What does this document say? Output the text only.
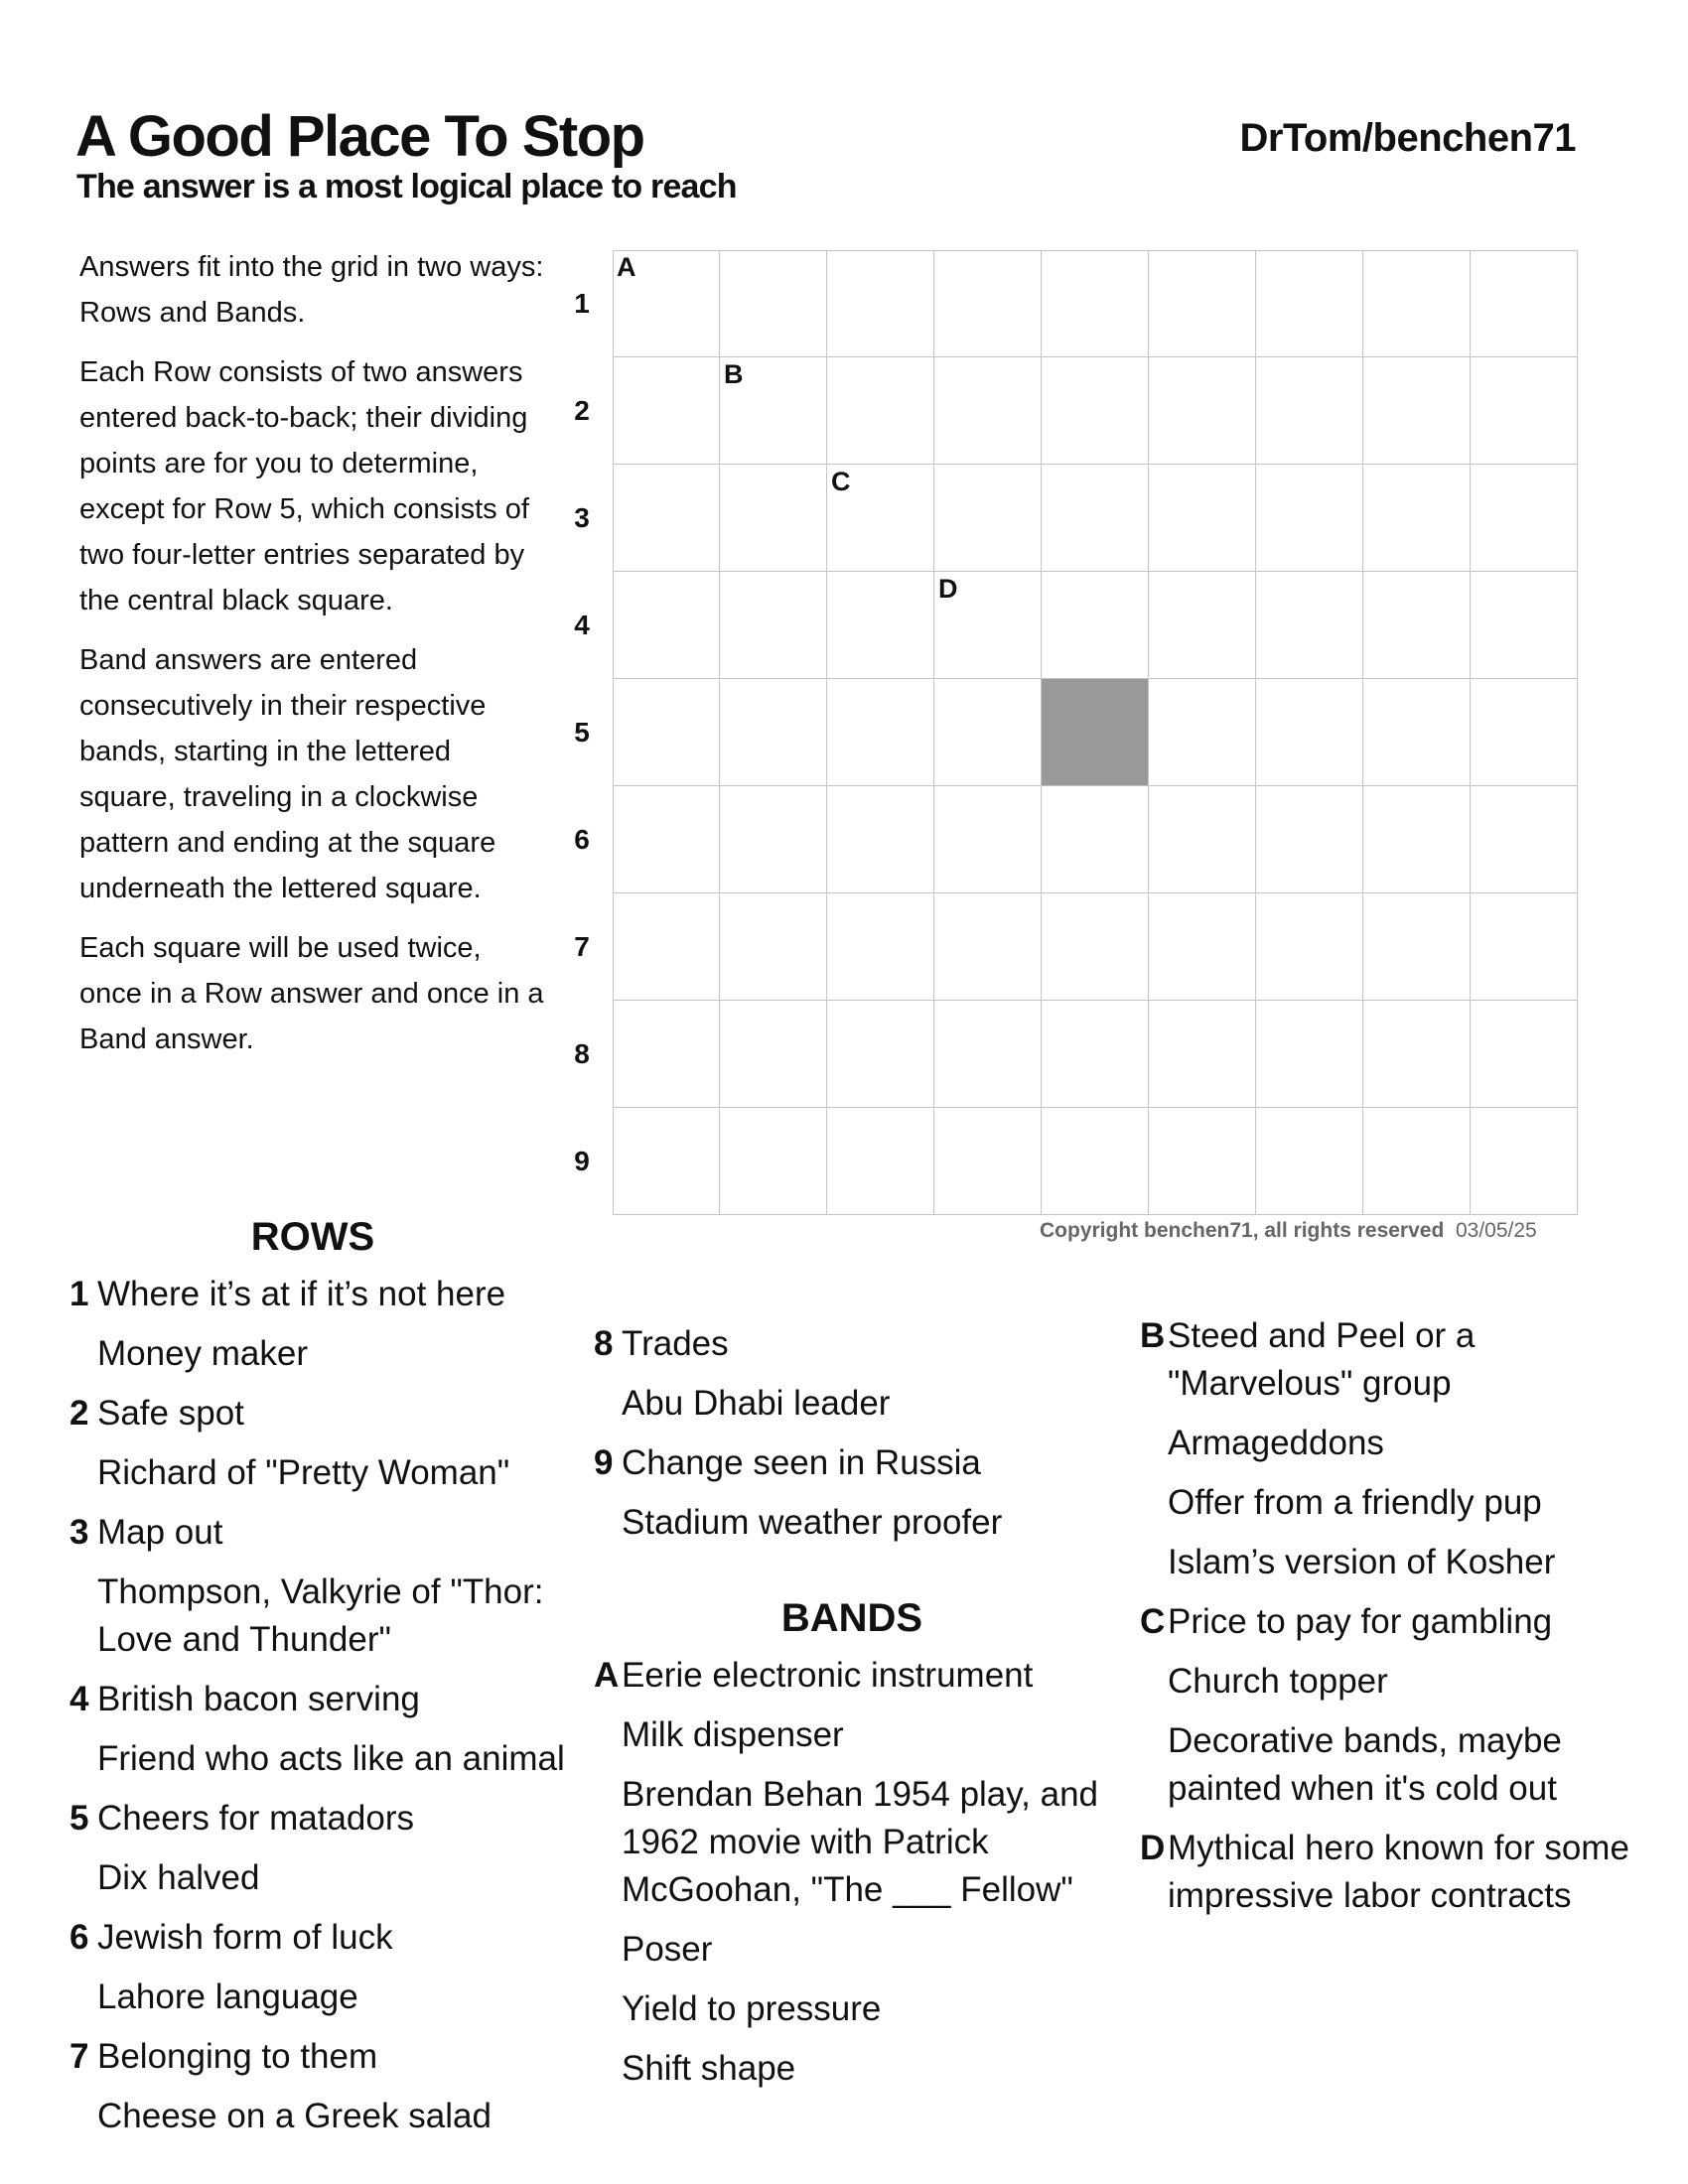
A Good Place To Stop
The answer is a most logical place to reach
DrTom/benchen71

Answers fit into the grid in two ways: Rows and Bands.

Each Row consists of two answers entered back-to-back; their dividing points are for you to determine, except for Row 5, which consists of two four-letter entries separated by the central black square.

Band answers are entered consecutively in their respective bands, starting in the lettered square, traveling in a clockwise pattern and ending at the square underneath the lettered square.

Each square will be used twice, once in a Row answer and once in a Band answer.

A
B
C
D
1
2
3
4
5
6
7
8
9
Copyright benchen71, all rights reserved 03/05/25
ROWS
1 Where it’s at if it’s not here
Money maker
2 Safe spot
Richard of "Pretty Woman"
3 Map out
Thompson, Valkyrie of "Thor: Love and Thunder"
4 British bacon serving
Friend who acts like an animal
5 Cheers for matadors
Dix halved
6 Jewish form of luck
Lahore language
7 Belonging to them
Cheese on a Greek salad
8 Trades
Abu Dhabi leader
9 Change seen in Russia
Stadium weather proofer
BANDS
A Eerie electronic instrument
Milk dispenser
Brendan Behan 1954 play, and 1962 movie with Patrick McGoohan, "The ___ Fellow"
Poser
Yield to pressure
Shift shape
B Steed and Peel or a "Marvelous" group
Armageddons
Offer from a friendly pup
Islam’s version of Kosher
C Price to pay for gambling
Church topper
Decorative bands, maybe painted when it's cold out
D Mythical hero known for some impressive labor contracts
